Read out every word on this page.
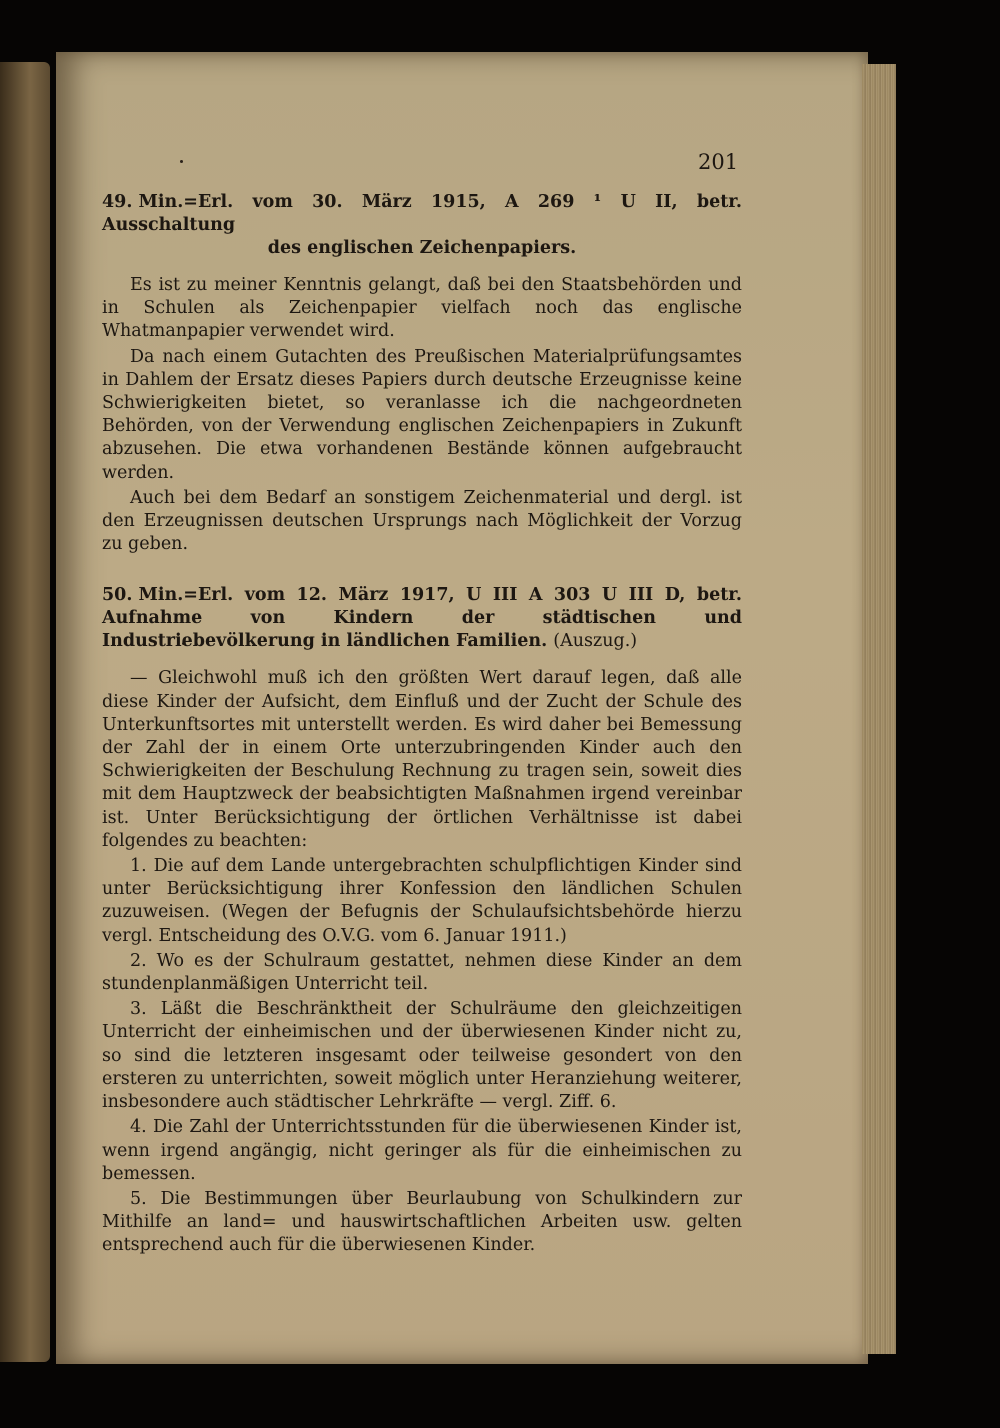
201
49. Min.=Erl. vom 30. März 1915, A 269 ¹ U II, betr. Ausschaltung
des englischen Zeichenpapiers.

Es ist zu meiner Kenntnis gelangt, daß bei den Staatsbehörden und in Schulen als Zeichenpapier vielfach noch das englische Whatmanpapier verwendet wird.

Da nach einem Gutachten des Preußischen Materialprüfungsamtes in Dahlem der Ersatz dieses Papiers durch deutsche Erzeugnisse keine Schwierigkeiten bietet, so veranlasse ich die nachgeordneten Behörden, von der Verwendung englischen Zeichenpapiers in Zukunft abzusehen. Die etwa vorhandenen Bestände können aufgebraucht werden.

Auch bei dem Bedarf an sonstigem Zeichenmaterial und dergl. ist den Erzeugnissen deutschen Ursprungs nach Möglichkeit der Vorzug zu geben.

50. Min.=Erl. vom 12. März 1917, U III A 303 U III D, betr. Aufnahme von Kindern der städtischen und Industriebevölkerung in ländlichen Familien. (Auszug.)

— Gleichwohl muß ich den größten Wert darauf legen, daß alle diese Kinder der Aufsicht, dem Einfluß und der Zucht der Schule des Unterkunftsortes mit unterstellt werden. Es wird daher bei Bemessung der Zahl der in einem Orte unterzubringenden Kinder auch den Schwierigkeiten der Beschulung Rechnung zu tragen sein, soweit dies mit dem Hauptzweck der beabsichtigten Maßnahmen irgend vereinbar ist. Unter Berücksichtigung der örtlichen Verhältnisse ist dabei folgendes zu beachten:

1. Die auf dem Lande untergebrachten schulpflichtigen Kinder sind unter Berücksichtigung ihrer Konfession den ländlichen Schulen zuzuweisen. (Wegen der Befugnis der Schulaufsichtsbehörde hierzu vergl. Entscheidung des O.V.G. vom 6. Januar 1911.)

2. Wo es der Schulraum gestattet, nehmen diese Kinder an dem stundenplanmäßigen Unterricht teil.

3. Läßt die Beschränktheit der Schulräume den gleichzeitigen Unterricht der einheimischen und der überwiesenen Kinder nicht zu, so sind die letzteren insgesamt oder teilweise gesondert von den ersteren zu unterrichten, soweit möglich unter Heranziehung weiterer, insbesondere auch städtischer Lehrkräfte — vergl. Ziff. 6.

4. Die Zahl der Unterrichtsstunden für die überwiesenen Kinder ist, wenn irgend angängig, nicht geringer als für die einheimischen zu bemessen.

5. Die Bestimmungen über Beurlaubung von Schulkindern zur Mithilfe an land= und hauswirtschaftlichen Arbeiten usw. gelten entsprechend auch für die überwiesenen Kinder.
